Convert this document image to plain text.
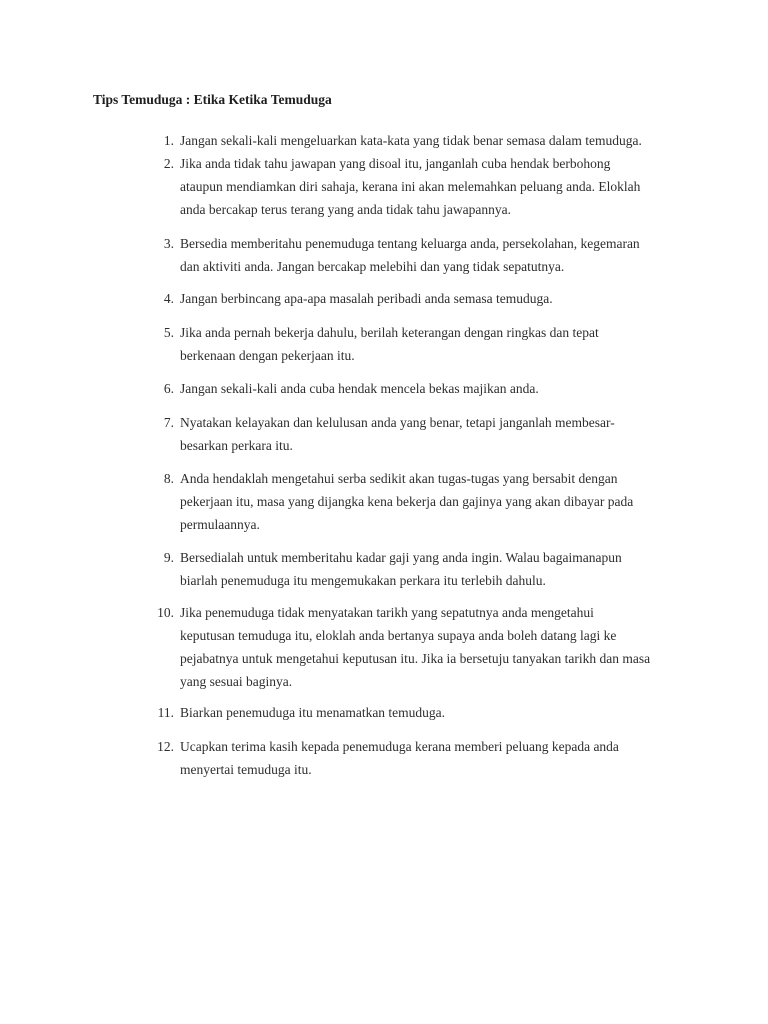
Tips Temuduga : Etika Ketika Temuduga
1. Jangan sekali-kali mengeluarkan kata-kata yang tidak benar semasa dalam temuduga.
2. Jika anda tidak tahu jawapan yang disoal itu, janganlah cuba hendak berbohong
ataupun mendiamkan diri sahaja, kerana ini akan melemahkan peluang anda. Eloklah
anda bercakap terus terang yang anda tidak tahu jawapannya.
3. Bersedia memberitahu penemuduga tentang keluarga anda, persekolahan, kegemaran
dan aktiviti anda. Jangan bercakap melebihi dan yang tidak sepatutnya.
4. Jangan berbincang apa-apa masalah peribadi anda semasa temuduga.
5. Jika anda pernah bekerja dahulu, berilah keterangan dengan ringkas dan tepat
berkenaan dengan pekerjaan itu.
6. Jangan sekali-kali anda cuba hendak mencela bekas majikan anda.
7. Nyatakan kelayakan dan kelulusan anda yang benar, tetapi janganlah membesar-
besarkan perkara itu.
8. Anda hendaklah mengetahui serba sedikit akan tugas-tugas yang bersabit dengan
pekerjaan itu, masa yang dijangka kena bekerja dan gajinya yang akan dibayar pada
permulaannya.
9. Bersedialah untuk memberitahu kadar gaji yang anda ingin. Walau bagaimanapun
biarlah penemuduga itu mengemukakan perkara itu terlebih dahulu.
10. Jika penemuduga tidak menyatakan tarikh yang sepatutnya anda mengetahui
keputusan temuduga itu, eloklah anda bertanya supaya anda boleh datang lagi ke
pejabatnya untuk mengetahui keputusan itu. Jika ia bersetuju tanyakan tarikh dan masa
yang sesuai baginya.
11. Biarkan penemuduga itu menamatkan temuduga.
12. Ucapkan terima kasih kepada penemuduga kerana memberi peluang kepada anda
menyertai temuduga itu.
